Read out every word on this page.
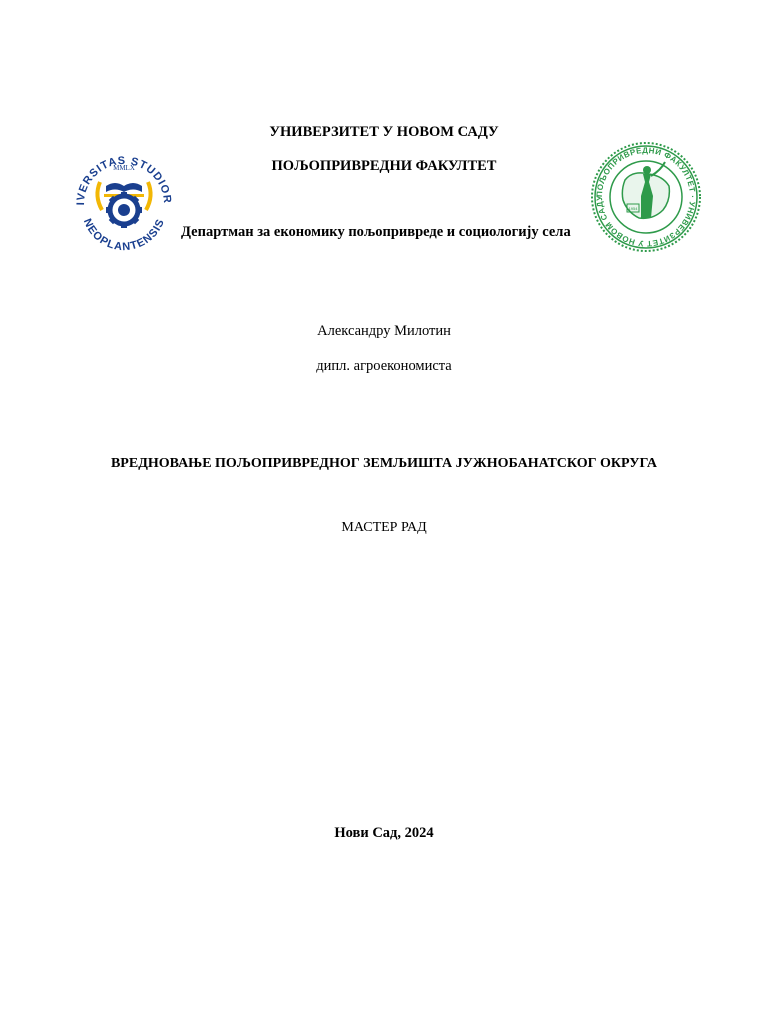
IVERSITAS STUDIOR
NEOPLANTENSIS
MMLX
ПОЉОПРИВРЕДНИ ФАКУЛТЕТ · УНИВЕРЗИТЕТ У НОВОМ САДУ
1954
УНИВЕРЗИТЕТ У НОВОМ САДУ
ПОЉОПРИВРЕДНИ ФАКУЛТЕТ
Департман за економику пољопривреде и социологију села
Александру Милотин
дипл. агроекономиста
ВРЕДНОВАЊЕ ПОЉОПРИВРЕДНОГ ЗЕМЉИШТА ЈУЖНОБАНАТСКОГ ОКРУГА
МАСТЕР РАД
Нови Сад, 2024
